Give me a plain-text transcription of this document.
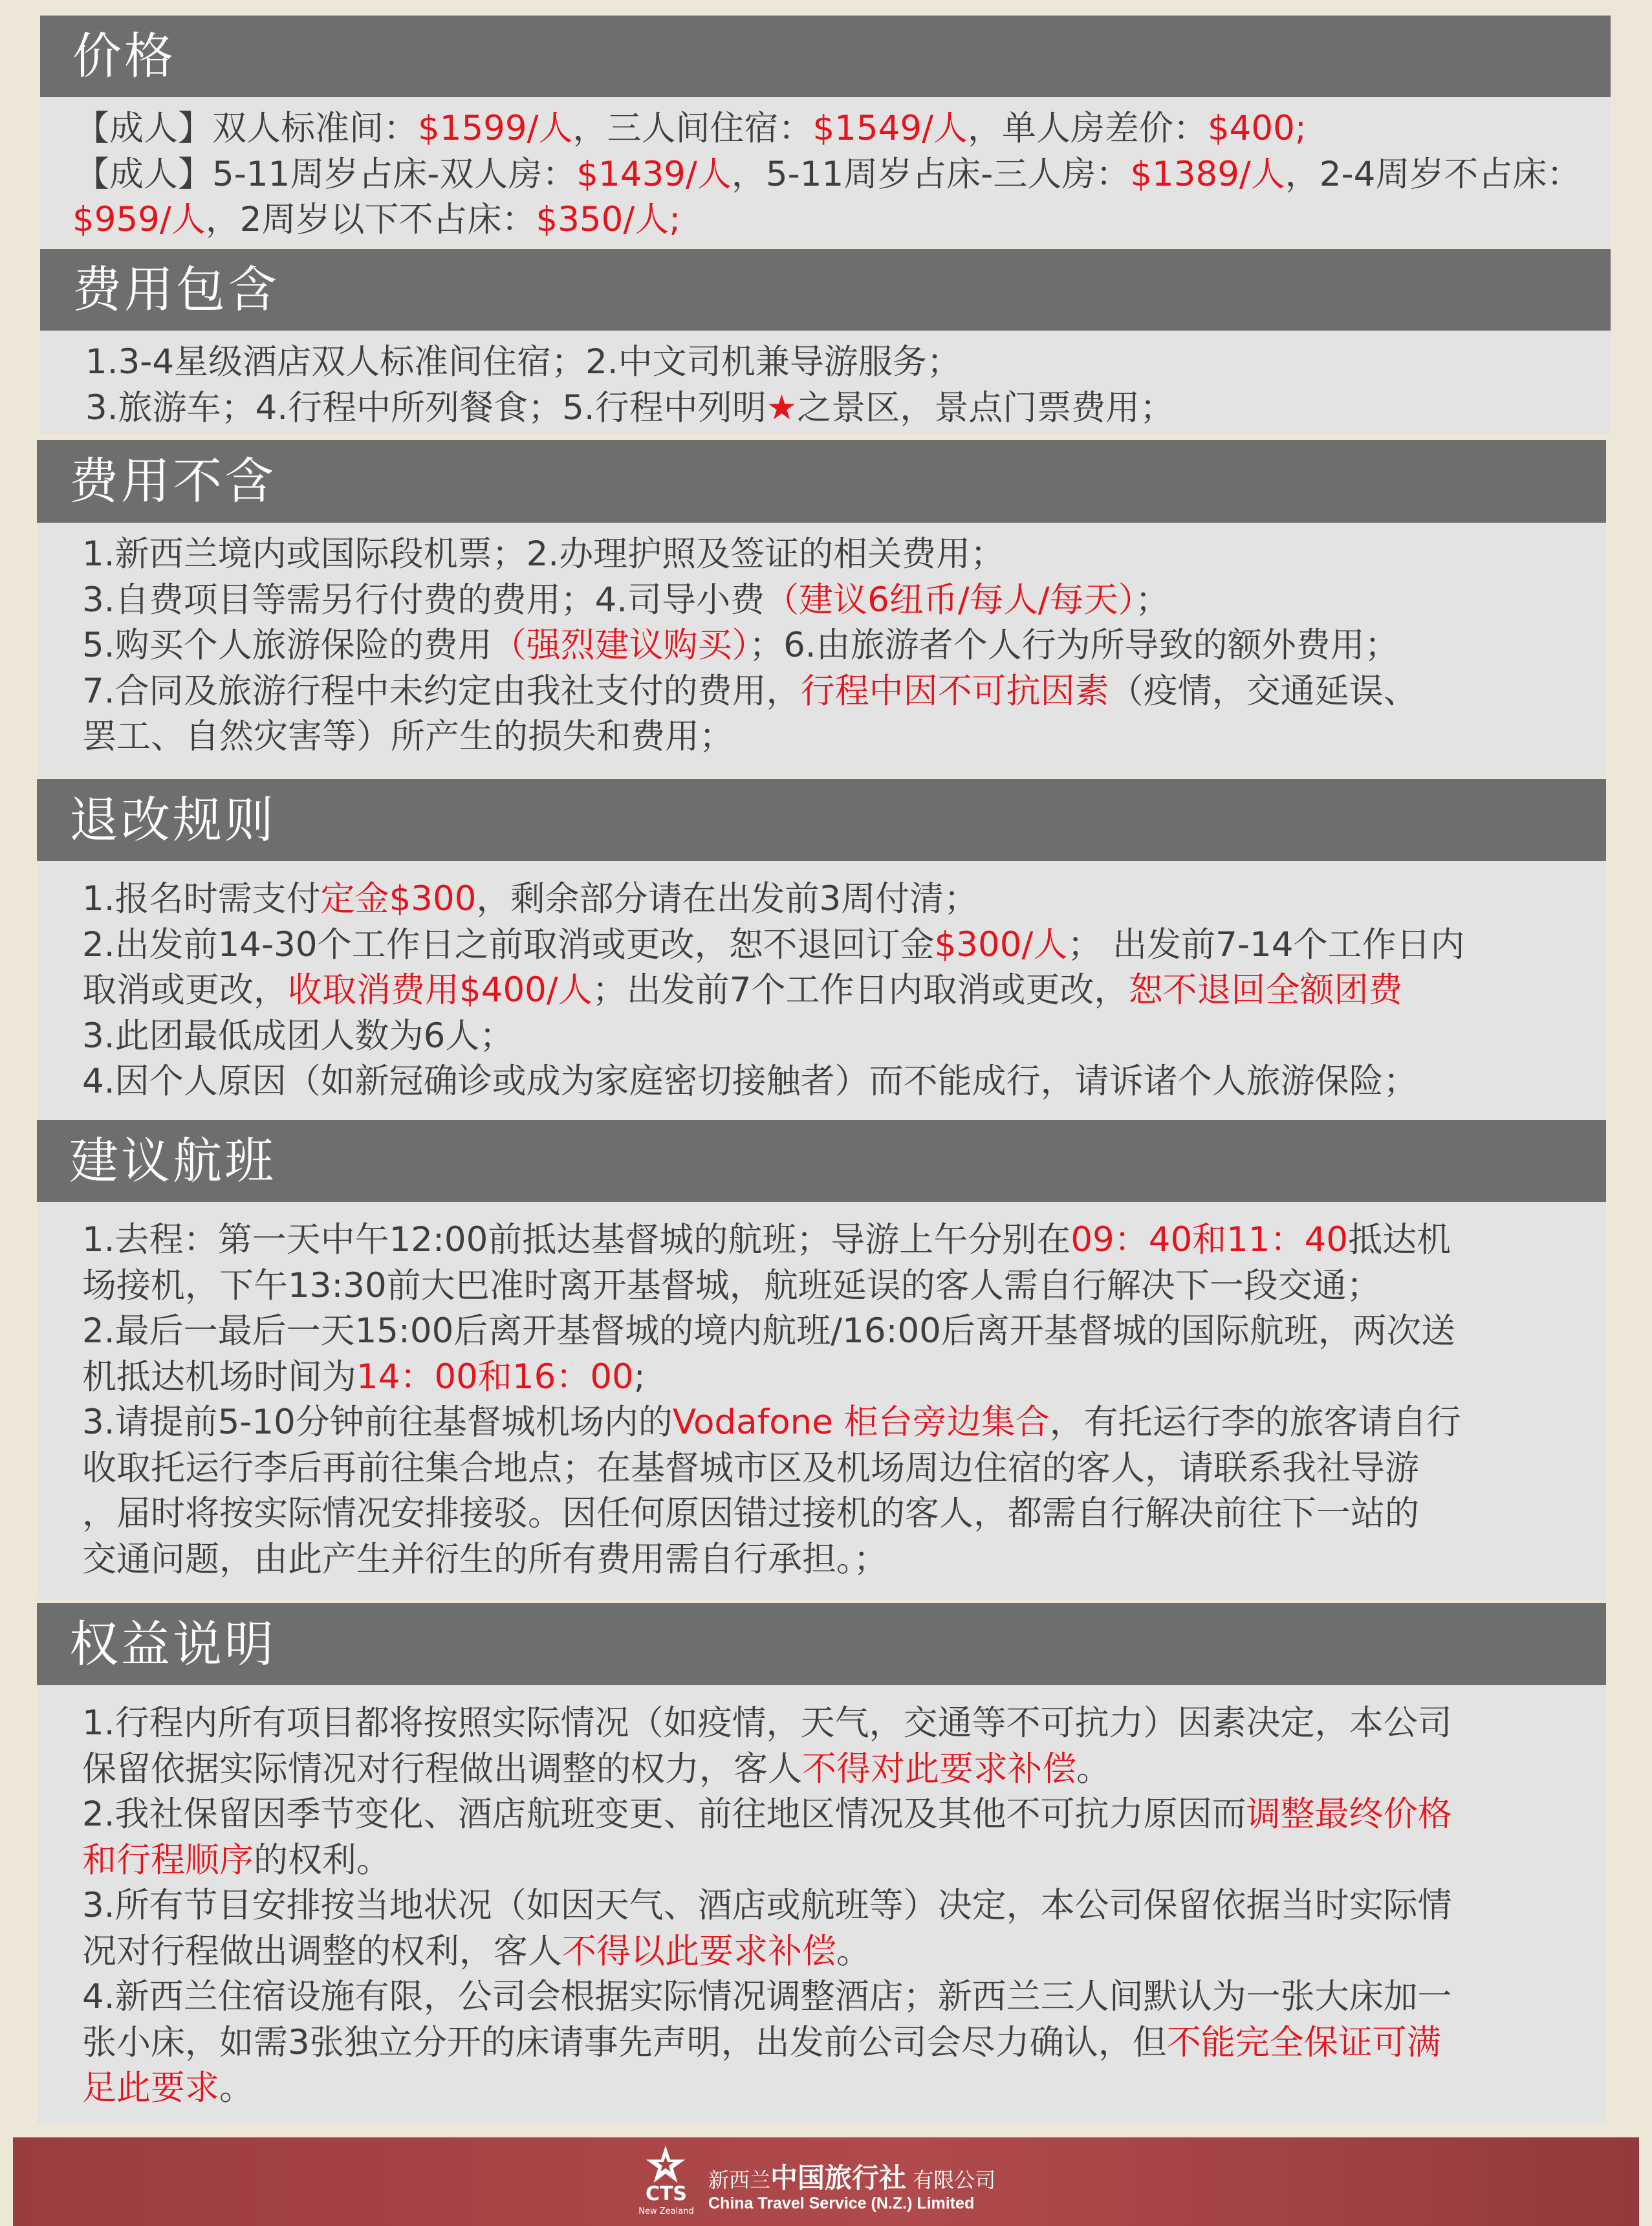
价格
【成人】双人标准间：$1599/人，三人间住宿：$1549/人，单人房差价：$400;
【成人】5-11周岁占床-双人房：$1439/人，5-11周岁占床-三人房：$1389/人，2-4周岁不占床：
$959/人，2周岁以下不占床：$350/人;
费用包含
1.3-4星级酒店双人标准间住宿；2.中文司机兼导游服务；
3.旅游车；4.行程中所列餐食；5.行程中列明★之景区，景点门票费用；
费用不含
1.新西兰境内或国际段机票；2.办理护照及签证的相关费用；
3.自费项目等需另行付费的费用；4.司导小费（建议6纽币/每人/每天）；
5.购买个人旅游保险的费用（强烈建议购买）；6.由旅游者个人行为所导致的额外费用；
7.合同及旅游行程中未约定由我社支付的费用，行程中因不可抗因素（疫情，交通延误、
罢工、自然灾害等）所产生的损失和费用；
退改规则
1.报名时需支付定金$300，剩余部分请在出发前3周付清；
2.出发前14-30个工作日之前取消或更改，恕不退回订金$300/人； 出发前7-14个工作日内
取消或更改，收取消费用$400/人；出发前7个工作日内取消或更改，恕不退回全额团费
3.此团最低成团人数为6人；
4.因个人原因（如新冠确诊或成为家庭密切接触者）而不能成行，请诉诸个人旅游保险；
建议航班
1.去程：第一天中午12:00前抵达基督城的航班；导游上午分别在09：40和11：40抵达机
场接机，下午13:30前大巴准时离开基督城，航班延误的客人需自行解决下一段交通；
2.最后一最后一天15:00后离开基督城的境内航班/16:00后离开基督城的国际航班，两次送
机抵达机场时间为14：00和16：00;
3.请提前5-10分钟前往基督城机场内的Vodafone 柜台旁边集合，有托运行李的旅客请自行
收取托运行李后再前往集合地点；在基督城市区及机场周边住宿的客人，请联系我社导游
，届时将按实际情况安排接驳。因任何原因错过接机的客人，都需自行解决前往下一站的
交通问题，由此产生并衍生的所有费用需自行承担。；
权益说明
1.行程内所有项目都将按照实际情况（如疫情，天气，交通等不可抗力）因素决定，本公司
保留依据实际情况对行程做出调整的权力，客人不得对此要求补偿。
2.我社保留因季节变化、酒店航班变更、前往地区情况及其他不可抗力原因而调整最终价格
和行程顺序的权利。
3.所有节目安排按当地状况（如因天气、酒店或航班等）决定，本公司保留依据当时实际情
况对行程做出调整的权利，客人不得以此要求补偿。
4.新西兰住宿设施有限，公司会根据实际情况调整酒店；新西兰三人间默认为一张大床加一
张小床，如需3张独立分开的床请事先声明，出发前公司会尽力确认，但不能完全保证可满
足此要求。
CTS
New Zealand
新西兰中国旅行社 有限公司
China Travel Service (N.Z.) Limited
